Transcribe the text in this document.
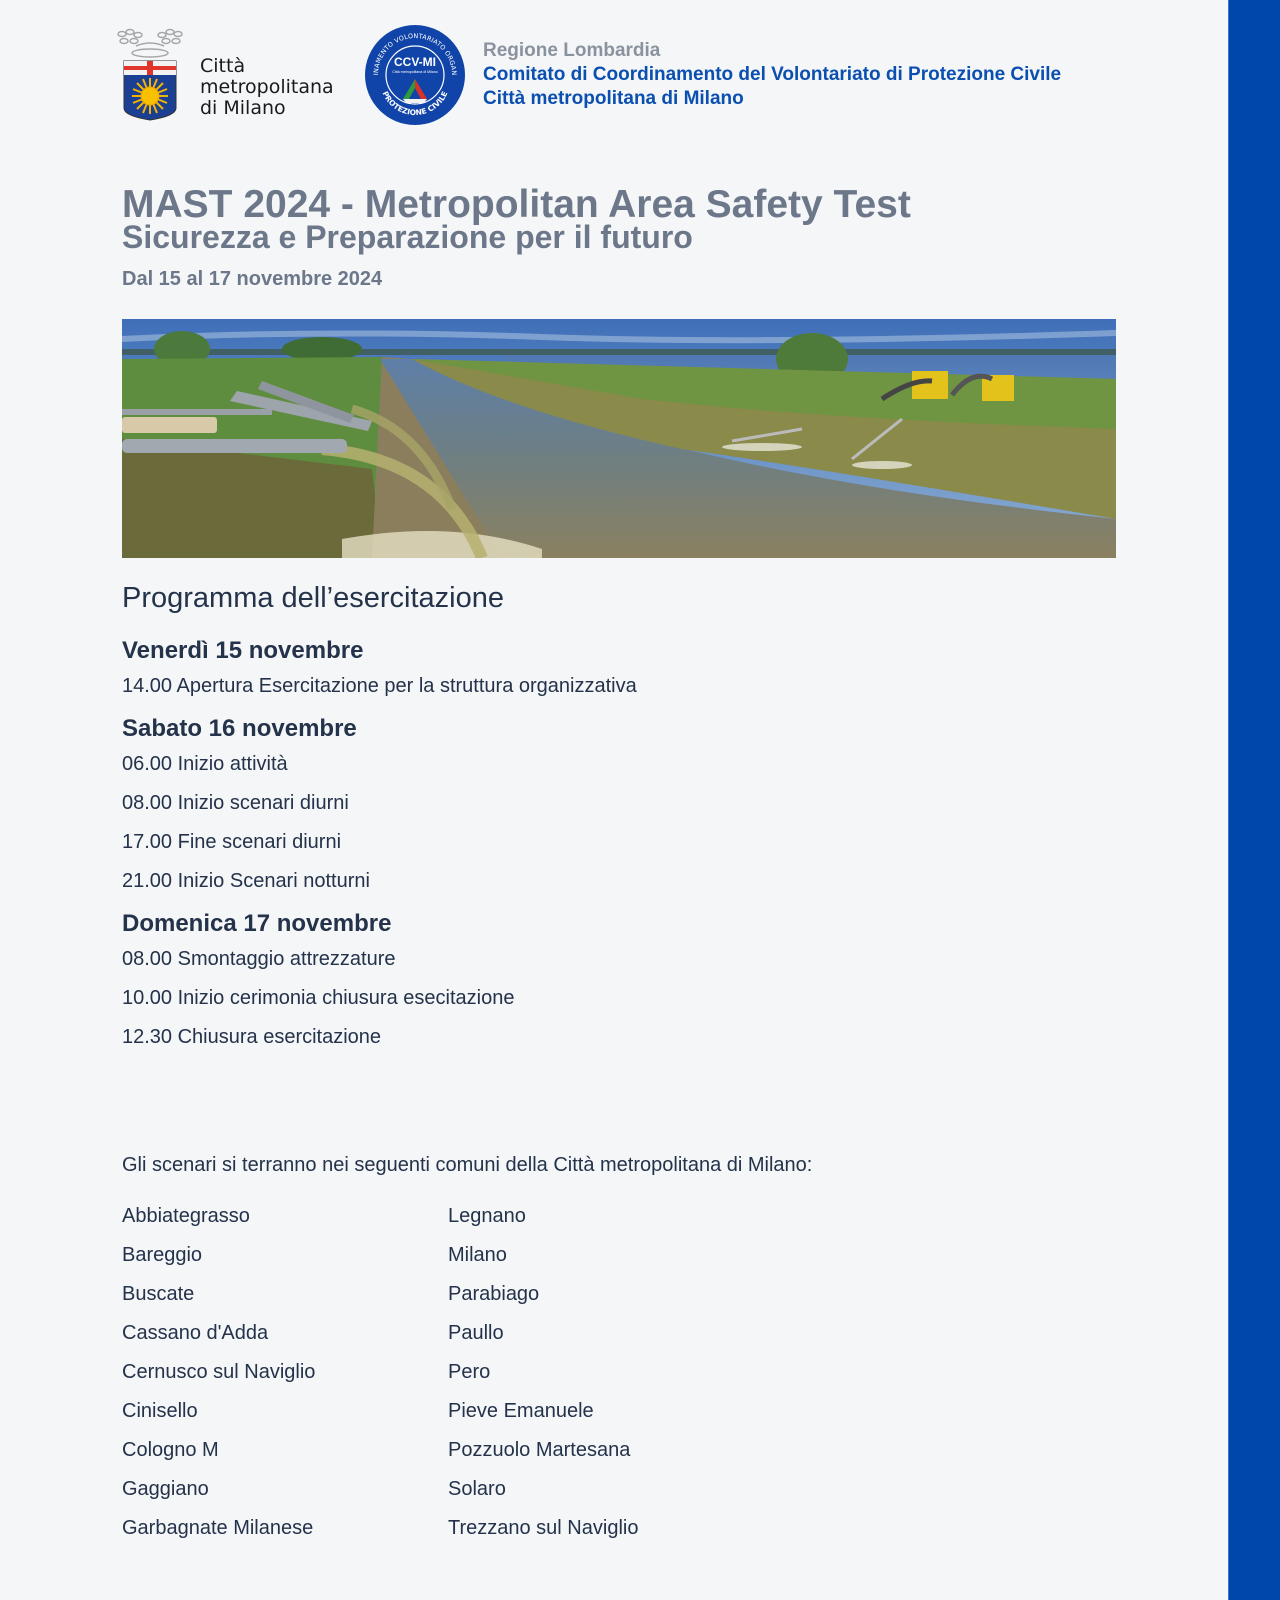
Città
metropolitana
di Milano
INAMENTO VOLONTARIATO ORGAN
PROTEZIONE CIVILE
CCV-MI
Città metropolitana di Milano
Regione Lombardia
Comitato di Coordinamento del Volontariato di Protezione Civile
Città metropolitana di Milano
MAST 2024 - Metropolitan Area Safety Test
Sicurezza e Preparazione per il futuro
Dal 15 al 17 novembre 2024
Programma dell’esercitazione
Venerdì 15 novembre
14.00 Apertura Esercitazione per la struttura organizzativa
Sabato 16 novembre
06.00 Inizio attività
08.00 Inizio scenari diurni
17.00 Fine scenari diurni
21.00 Inizio Scenari notturni
Domenica 17 novembre
08.00 Smontaggio attrezzature
10.00 Inizio cerimonia chiusura esecitazione
12.30 Chiusura esercitazione
Gli scenari si terranno nei seguenti comuni della Città metropolitana di Milano:
Abbiategrasso	Legnano
Bareggio	Milano
Buscate	Parabiago
Cassano d'Adda	Paullo
Cernusco sul Naviglio	Pero
Cinisello	Pieve Emanuele
Cologno M	Pozzuolo Martesana
Gaggiano	Solaro
Garbagnate Milanese	Trezzano sul Naviglio
